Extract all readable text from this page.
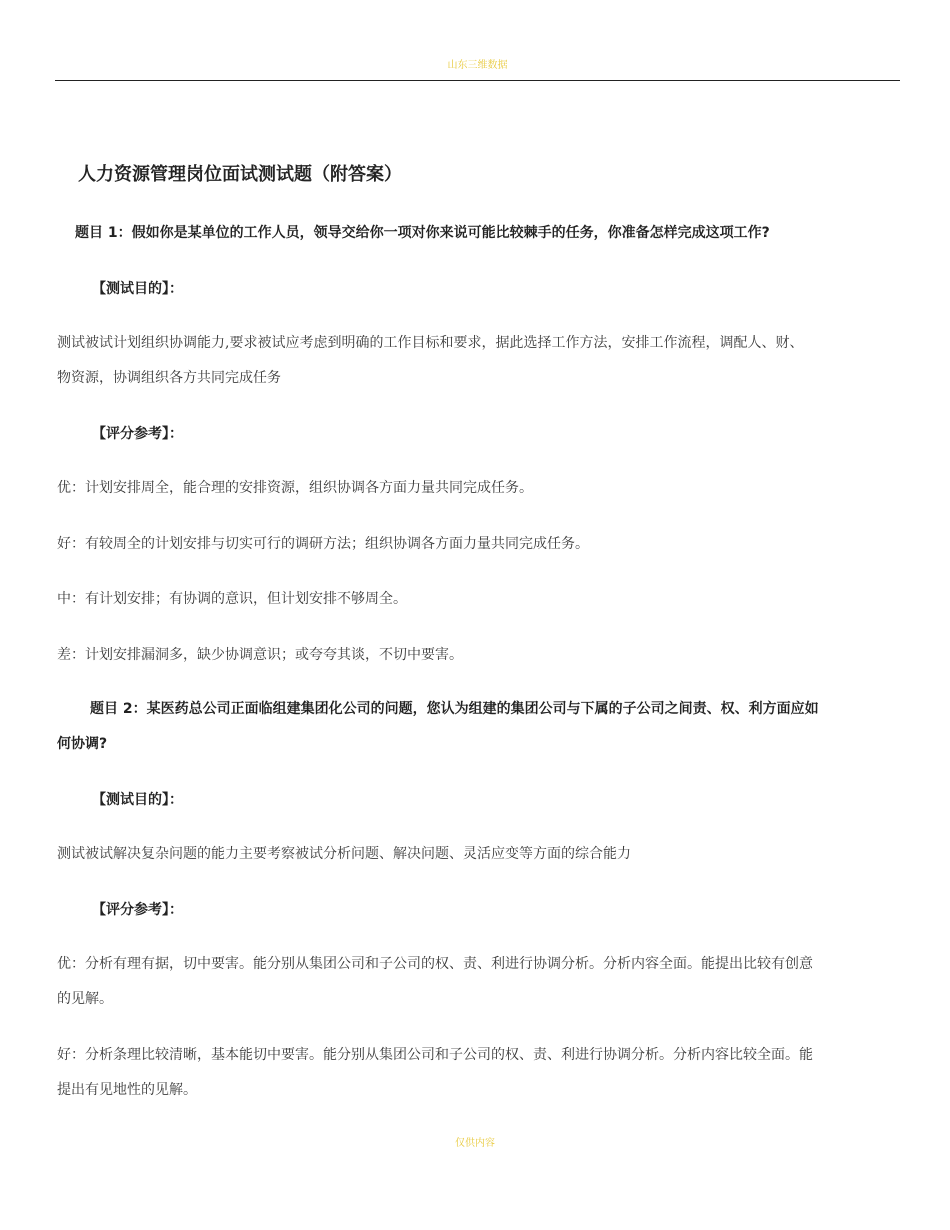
山东三维数据
人力资源管理岗位面试测试题（附答案）
题目 1：假如你是某单位的工作人员，领导交给你一项对你来说可能比较棘手的任务，你准备怎样完成这项工作?
【测试目的】：
测试被试计划组织协调能力,要求被试应考虑到明确的工作目标和要求，据此选择工作方法，安排工作流程，调配人、财、
物资源，协调组织各方共同完成任务
【评分参考】：
优：计划安排周全，能合理的安排资源，组织协调各方面力量共同完成任务。
好：有较周全的计划安排与切实可行的调研方法；组织协调各方面力量共同完成任务。
中：有计划安排；有协调的意识，但计划安排不够周全。
差：计划安排漏洞多，缺少协调意识；或夸夸其谈，不切中要害。
题目 2：某医药总公司正面临组建集团化公司的问题，您认为组建的集团公司与下属的子公司之间责、权、利方面应如
何协调?
【测试目的】：
测试被试解决复杂问题的能力主要考察被试分析问题、解决问题、灵活应变等方面的综合能力
【评分参考】：
优：分析有理有据，切中要害。能分别从集团公司和子公司的权、责、利进行协调分析。分析内容全面。能提出比较有创意
的见解。
好：分析条理比较清晰，基本能切中要害。能分别从集团公司和子公司的权、责、利进行协调分析。分析内容比较全面。能
提出有见地性的见解。
仅供内容
